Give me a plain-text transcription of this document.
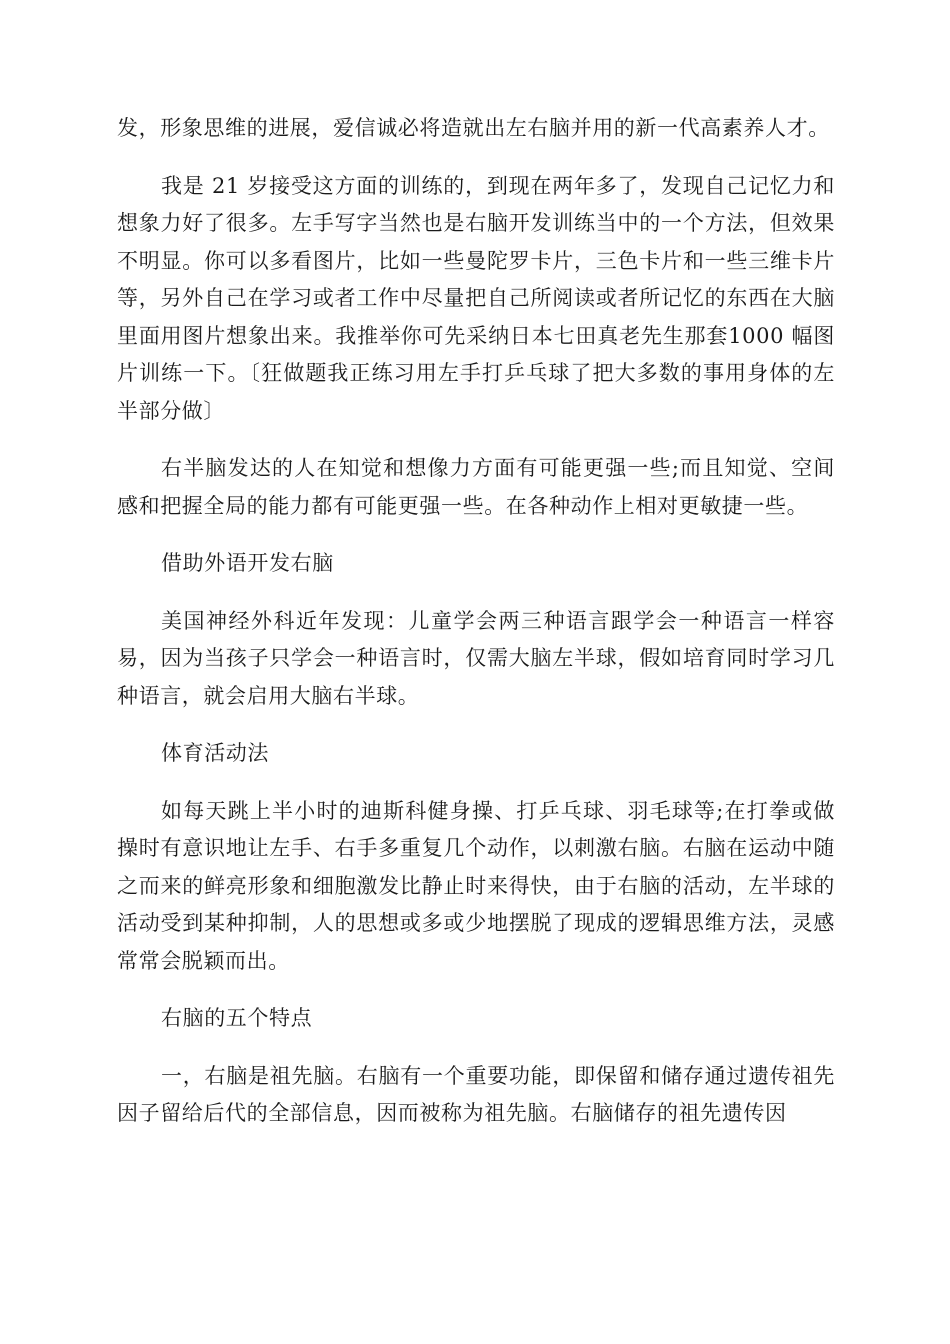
发，形象思维的进展，爱信诚必将造就出左右脑并用的新一代高素养人才。

我是 21 岁接受这方面的训练的，到现在两年多了，发现自己记忆力和想象力好了很多。左手写字当然也是右脑开发训练当中的一个方法，但效果不明显。你可以多看图片，比如一些曼陀罗卡片，三色卡片和一些三维卡片等，另外自己在学习或者工作中尽量把自己所阅读或者所记忆的东西在大脑里面用图片想象出来。我推举你可先采纳日本七田真老先生那套1000 幅图片训练一下。〔狂做题我正练习用左手打乒乓球了把大多数的事用身体的左半部分做〕

右半脑发达的人在知觉和想像力方面有可能更强一些;而且知觉、空间感和把握全局的能力都有可能更强一些。在各种动作上相对更敏捷一些。

借助外语开发右脑

美国神经外科近年发现：儿童学会两三种语言跟学会一种语言一样容易，因为当孩子只学会一种语言时，仅需大脑左半球，假如培育同时学习几种语言，就会启用大脑右半球。

体育活动法

如每天跳上半小时的迪斯科健身操、打乒乓球、羽毛球等;在打拳或做操时有意识地让左手、右手多重复几个动作，以刺激右脑。右脑在运动中随之而来的鲜亮形象和细胞激发比静止时来得快，由于右脑的活动，左半球的活动受到某种抑制，人的思想或多或少地摆脱了现成的逻辑思维方法，灵感常常会脱颖而出。

右脑的五个特点

一，右脑是祖先脑。右脑有一个重要功能，即保留和储存通过遗传祖先因子留给后代的全部信息，因而被称为祖先脑。右脑储存的祖先遗传因
